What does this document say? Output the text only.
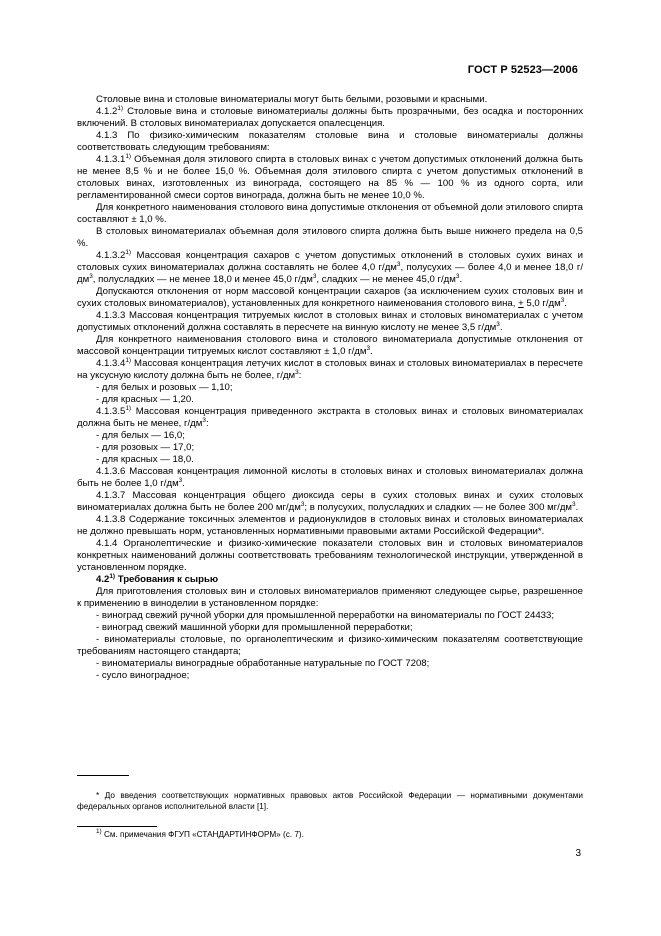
ГОСТ Р 52523—2006

Столовые вина и столовые виноматериалы могут быть белыми, розовыми и красными.

4.1.2$^{1)}$ Столовые вина и столовые виноматериалы должны быть прозрачными, без осадка и посторонних включений. В столовых виноматериалах допускается опалесценция.

4.1.3 По физико-химическим показателям столовые вина и столовые виноматериалы должны соответствовать следующим требованиям:

4.1.3.1$^{1)}$ Объемная доля этилового спирта в столовых винах с учетом допустимых отклонений должна быть не менее 8,5 % и не более 15,0 %. Объемная доля этилового спирта с учетом допустимых отклонений в столовых винах, изготовленных из винограда, состоящего на 85 % — 100 % из одного сорта, или регламентированной смеси сортов винограда, должна быть не менее 10,0 %.

Для конкретного наименования столового вина допустимые отклонения от объемной доли этилового спирта составляют ± 1,0 %.

В столовых виноматериалах объемная доля этилового спирта должна быть выше нижнего предела на 0,5 %.

4.1.3.2$^{1)}$ Массовая концентрация сахаров с учетом допустимых отклонений в столовых сухих винах и столовых сухих виноматериалах должна составлять не более 4,0 $г/дм^3$, полусухих — более 4,0 и менее 18,0 $г/дм^3$, полусладких — не менее 18,0 и менее 45,0 $г/дм^3$, сладких — не менее 45,0 $г/дм^3$.

Допускаются отклонения от норм массовой концентрации сахаров (за исключением сухих столовых вин и сухих столовых виноматериалов), установленных для конкретного наименования столового вина, + 5,0 $г/дм^3$.

4.1.3.3 Массовая концентрация титруемых кислот в столовых винах и столовых виноматериалах с учетом допустимых отклонений должна составлять в пересчете на винную кислоту не менее 3,5 $г/дм^3$.

Для конкретного наименования столового вина и столового виноматериала допустимые отклонения от массовой концентрации титруемых кислот составляют ± 1,0 $г/дм^3$.

4.1.3.4$^{1)}$ Массовая концентрация летучих кислот в столовых винах и столовых виноматериалах в пересчете на уксусную кислоту должна быть не более, $г/дм^3$:

- для белых и розовых — 1,10;

- для красных — 1,20.

4.1.3.5$^{1)}$ Массовая концентрация приведенного экстракта в столовых винах и столовых виноматериалах должна быть не менее, $г/дм^3$:

- для белых — 16,0;

- для розовых — 17,0;

- для красных — 18,0.

4.1.3.6 Массовая концентрация лимонной кислоты в столовых винах и столовых виноматериалах должна быть не более 1,0 $г/дм^3$.

4.1.3.7 Массовая концентрация общего диоксида серы в сухих столовых винах и сухих столовых виноматериалах должна быть не более 200 $мг/дм^3$; в полусухих, полусладких и сладких — не более 300 $мг/дм^3$.

4.1.3.8 Содержание токсичных элементов и радионуклидов в столовых винах и столовых виноматериалах не должно превышать норм, установленных нормативными правовыми актами Российской Федерации*.

4.1.4 Органолептические и физико-химические показатели столовых вин и столовых виноматериалов конкретных наименований должны соответствовать требованиям технологической инструкции, утвержденной в установленном порядке.

4.2$^{1)}$ Требования к сырью

Для приготовления столовых вин и столовых виноматериалов применяют следующее сырье, разрешенное к применению в виноделии в установленном порядке:

- виноград свежий ручной уборки для промышленной переработки на виноматериалы по ГОСТ 24433;

- виноград свежий машинной уборки для промышленной переработки;

- виноматериалы столовые, по органолептическим и физико-химическим показателям соответствующие требованиям настоящего стандарта;

- виноматериалы виноградные обработанные натуральные по ГОСТ 7208;

- сусло виноградное;

* До введения соответствующих нормативных правовых актов Российской Федерации — нормативными документами федеральных органов исполнительной власти [1].
$^{1)}$ См. примечания ФГУП «СТАНДАРТИНФОРМ» (с. 7).
3
